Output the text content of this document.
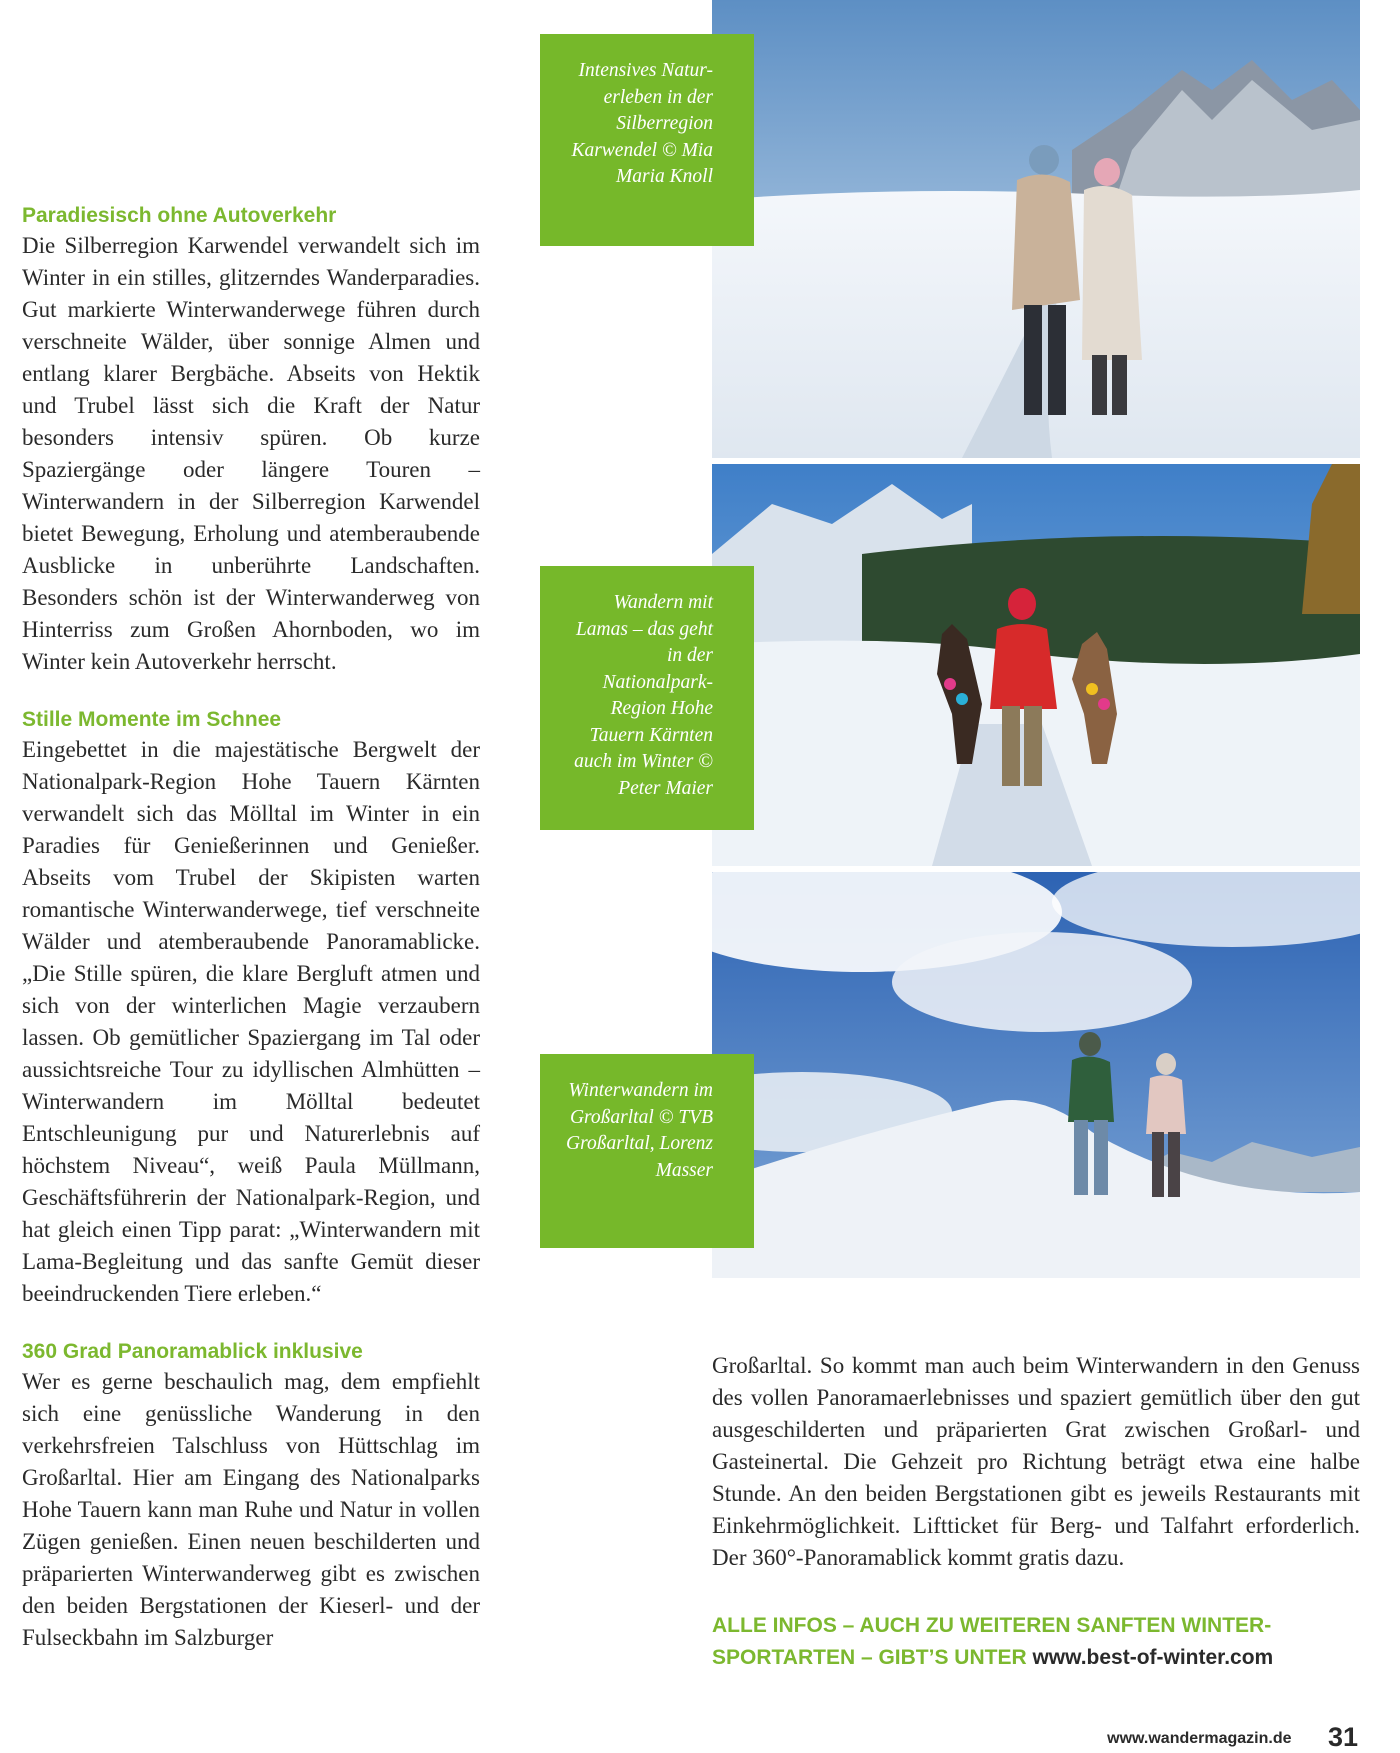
Paradiesisch ohne Autoverkehr

Die Silberregion Karwendel verwandelt sich im Winter in ein stilles, glitzerndes Wanderparadies. Gut markierte Winterwanderwege führen durch verschneite Wälder, über sonnige Almen und entlang klarer Bergbäche. Abseits von Hektik und Trubel lässt sich die Kraft der Natur besonders intensiv spüren. Ob kurze Spaziergänge oder längere Touren – Winterwandern in der Silberregion Karwendel bietet Bewegung, Erholung und atemberaubende Ausblicke in unberührte Landschaften. Besonders schön ist der Winterwanderweg von Hinterriss zum Großen Ahornboden, wo im Winter kein Autoverkehr herrscht.

Stille Momente im Schnee

Eingebettet in die majestätische Bergwelt der Nationalpark-Region Hohe Tauern Kärnten verwandelt sich das Mölltal im Winter in ein Paradies für Genießerinnen und Genießer. Abseits vom Trubel der Skipisten warten romantische Winterwanderwege, tief verschneite Wälder und atemberaubende Panoramablicke. „Die Stille spüren, die klare Bergluft atmen und sich von der winterlichen Magie verzaubern lassen. Ob gemütlicher Spaziergang im Tal oder aussichtsreiche Tour zu idyllischen Almhütten – Winterwandern im Mölltal bedeutet Entschleunigung pur und Naturerlebnis auf höchstem Niveau“, weiß Paula Müllmann, Geschäftsführerin der Nationalpark-Region, und hat gleich einen Tipp parat: „Winterwandern mit Lama-Begleitung und das sanfte Gemüt dieser beeindruckenden Tiere erleben.“

360 Grad Panoramablick inklusive

Wer es gerne beschaulich mag, dem empfiehlt sich eine genüssliche Wanderung in den verkehrsfreien Talschluss von Hüttschlag im Großarltal. Hier am Eingang des Nationalparks Hohe Tauern kann man Ruhe und Natur in vollen Zügen genießen. Einen neuen beschilderten und präparierten Winterwanderweg gibt es zwischen den beiden Bergstationen der Kieserl- und der Fulseckbahn im Salzburger

Intensives Natur-erleben in der Silberregion Karwendel © Mia Maria Knoll
Wandern mit Lamas – das geht in der Nationalpark-Region Hohe Tauern Kärnten auch im Winter © Peter Maier
Winterwandern im Großarltal © TVB Großarltal, Lorenz Masser

Großarltal. So kommt man auch beim Winterwandern in den Genuss des vollen Panoramaerlebnisses und spaziert gemütlich über den gut ausgeschilderten und präparierten Grat zwischen Großarl- und Gasteinertal. Die Gehzeit pro Richtung beträgt etwa eine halbe Stunde. An den beiden Bergstationen gibt es jeweils Restaurants mit Einkehrmöglichkeit. Liftticket für Berg- und Talfahrt erforderlich. Der 360°-Panoramablick kommt gratis dazu.

ALLE INFOS – AUCH ZU WEITEREN SANFTEN WINTER-SPORTARTEN – GIBT’S UNTER www.best-of-winter.com
www.wandermagazin.de 31
